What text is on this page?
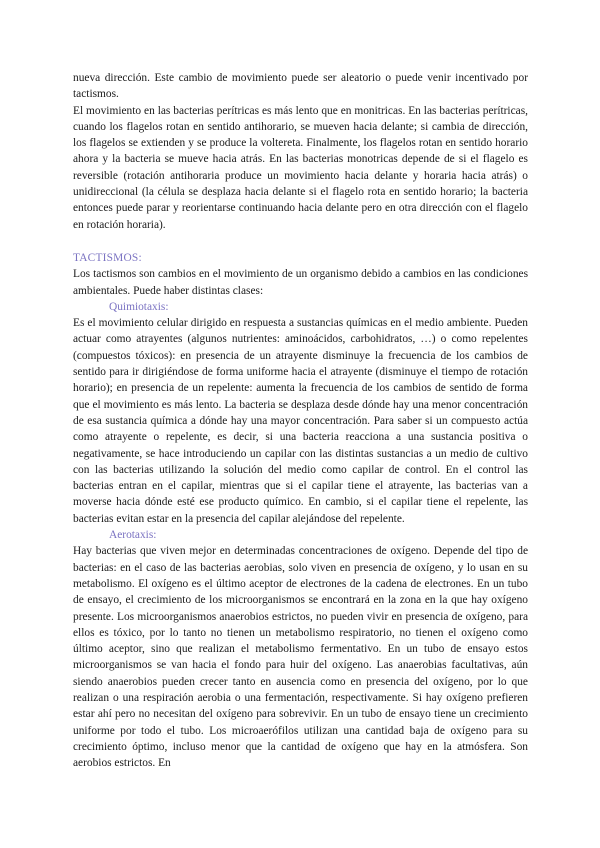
nueva dirección. Este cambio de movimiento puede ser aleatorio o puede venir incentivado por tactismos.

El movimiento en las bacterias perítricas es más lento que en monitricas. En las bacterias perítricas, cuando los flagelos rotan en sentido antihorario, se mueven hacia delante; si cambia de dirección, los flagelos se extienden y se produce la voltereta. Finalmente, los flagelos rotan en sentido horario ahora y la bacteria se mueve hacia atrás. En las bacterias monotricas depende de si el flagelo es reversible (rotación antihoraria produce un movimiento hacia delante y horaria hacia atrás) o unidireccional (la célula se desplaza hacia delante si el flagelo rota en sentido horario; la bacteria entonces puede parar y reorientarse continuando hacia delante pero en otra dirección con el flagelo en rotación horaria).

TACTISMOS:

Los tactismos son cambios en el movimiento de un organismo debido a cambios en las condiciones ambientales. Puede haber distintas clases:

Quimiotaxis:

Es el movimiento celular dirigido en respuesta a sustancias químicas en el medio ambiente. Pueden actuar como atrayentes (algunos nutrientes: aminoácidos, carbohidratos, …) o como repelentes (compuestos tóxicos): en presencia de un atrayente disminuye la frecuencia de los cambios de sentido para ir dirigiéndose de forma uniforme hacia el atrayente (disminuye el tiempo de rotación horario); en presencia de un repelente: aumenta la frecuencia de los cambios de sentido de forma que el movimiento es más lento. La bacteria se desplaza desde dónde hay una menor concentración de esa sustancia química a dónde hay una mayor concentración. Para saber si un compuesto actúa como atrayente o repelente, es decir, si una bacteria reacciona a una sustancia positiva o negativamente, se hace introduciendo un capilar con las distintas sustancias a un medio de cultivo con las bacterias utilizando la solución del medio como capilar de control. En el control las bacterias entran en el capilar, mientras que si el capilar tiene el atrayente, las bacterias van a moverse hacia dónde esté ese producto químico. En cambio, si el capilar tiene el repelente, las bacterias evitan estar en la presencia del capilar alejándose del repelente.

Aerotaxis:

Hay bacterias que viven mejor en determinadas concentraciones de oxígeno. Depende del tipo de bacterias: en el caso de las bacterias aerobias, solo viven en presencia de oxígeno, y lo usan en su metabolismo. El oxígeno es el último aceptor de electrones de la cadena de electrones. En un tubo de ensayo, el crecimiento de los microorganismos se encontrará en la zona en la que hay oxígeno presente. Los microorganismos anaerobios estrictos, no pueden vivir en presencia de oxígeno, para ellos es tóxico, por lo tanto no tienen un metabolismo respiratorio, no tienen el oxígeno como último aceptor, sino que realizan el metabolismo fermentativo. En un tubo de ensayo estos microorganismos se van hacia el fondo para huir del oxígeno. Las anaerobias facultativas, aún siendo anaerobios pueden crecer tanto en ausencia como en presencia del oxígeno, por lo que realizan o una respiración aerobia o una fermentación, respectivamente. Si hay oxígeno prefieren estar ahí pero no necesitan del oxígeno para sobrevivir. En un tubo de ensayo tiene un crecimiento uniforme por todo el tubo. Los microaerófilos utilizan una cantidad baja de oxígeno para su crecimiento óptimo, incluso menor que la cantidad de oxígeno que hay en la atmósfera. Son aerobios estrictos. En
